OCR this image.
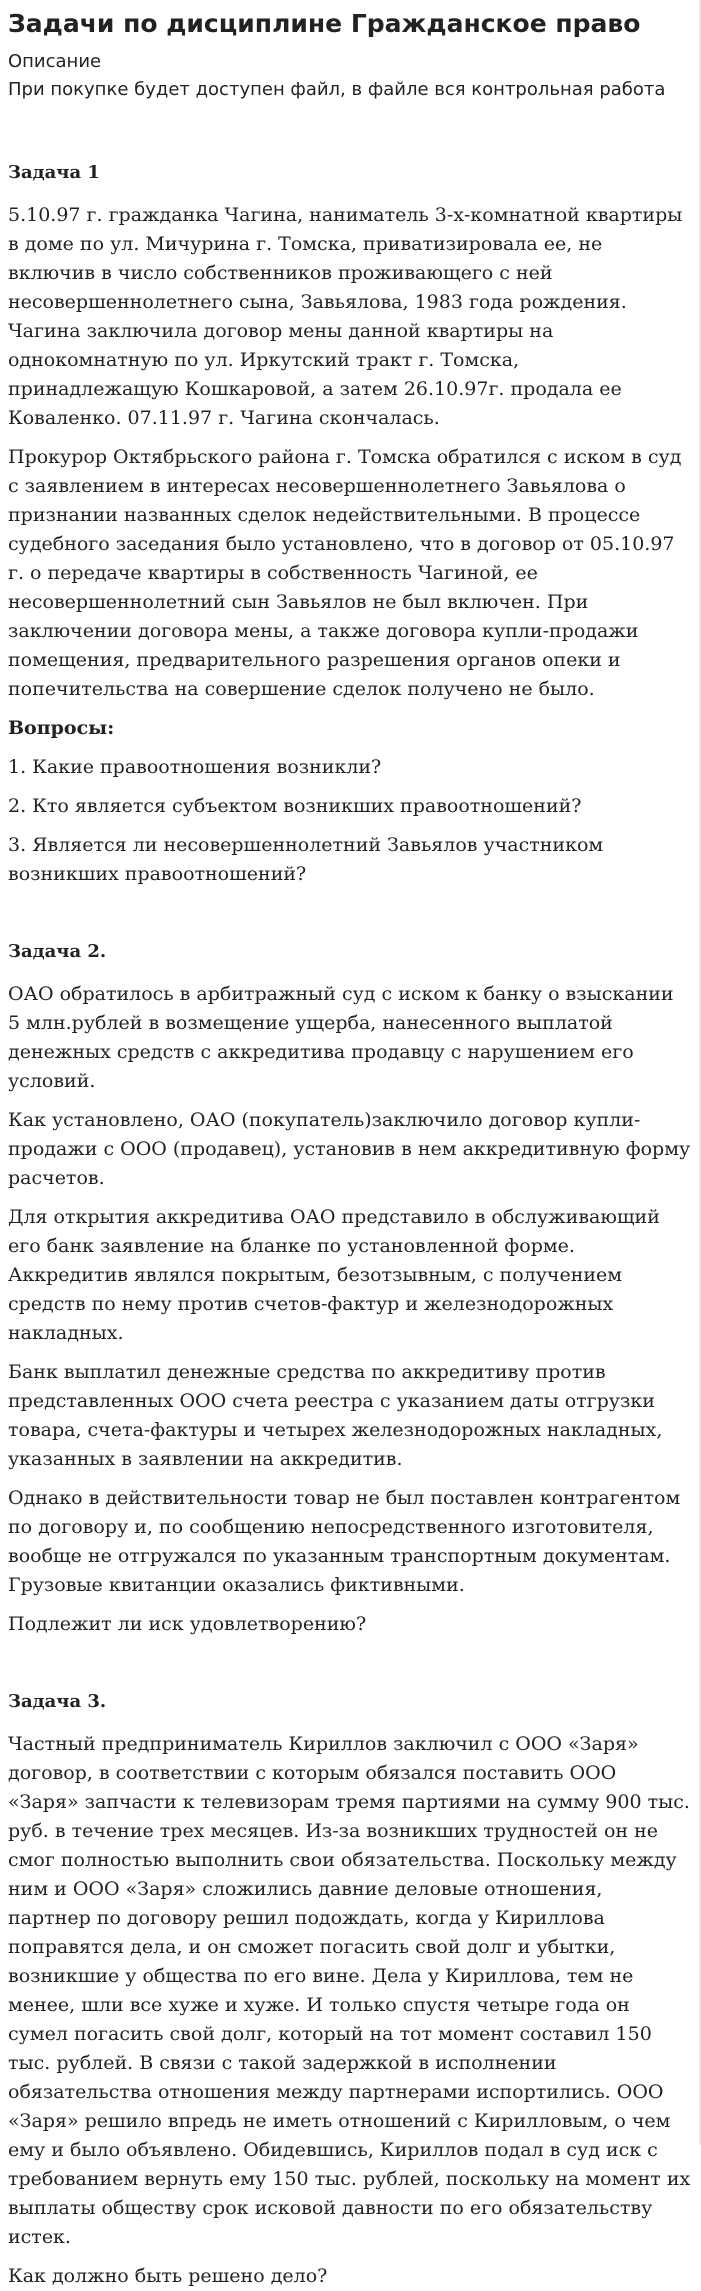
Задачи по дисциплине Гражданское право

Описание

При покупке будет доступен файл, в файле вся контрольная работа

Задача 1

5.10.97 г. гражданка Чагина, наниматель 3-х-комнатной квартиры в доме по ул. Мичурина г. Томска, приватизировала ее, не включив в число собственников проживающего с ней несовершеннолетнего сына, Завьялова, 1983 года рождения. Чагина заключила договор мены данной квартиры на однокомнатную по ул. Иркутский тракт г. Томска, принадлежащую Кошкаровой, а затем 26.10.97г. продала ее Коваленко. 07.11.97 г. Чагина скончалась.

Прокурор Октябрьского района г. Томска обратился с иском в суд с заявлением в интересах несовершеннолетнего Завьялова о признании названных сделок недействительными. В процессе судебного заседания было установлено, что в договор от 05.10.97 г. о передаче квартиры в собственность Чагиной, ее несовершеннолетний сын Завьялов не был включен. При заключении договора мены, а также договора купли-продажи помещения, предварительного разрешения органов опеки и попечительства на совершение сделок получено не было.

Вопросы:

1. Какие правоотношения возникли?

2. Кто является субъектом возникших правоотношений?

3. Является ли несовершеннолетний Завьялов участником возникших правоотношений?

Задача 2.

ОАО обратилось в арбитражный суд с иском к банку о взыскании 5 млн.рублей в возмещение ущерба, нанесенного выплатой денежных средств с аккредитива продавцу с нарушением его условий.

Как установлено, ОАО (покупатель)заключило договор купли-продажи с ООО (продавец), установив в нем аккредитивную форму расчетов.

Для открытия аккредитива ОАО представило в обслуживающий его банк заявление на бланке по установленной форме. Аккредитив являлся покрытым, безотзывным, с получением средств по нему против счетов-фактур и железнодорожных накладных.

Банк выплатил денежные средства по аккредитиву против представленных ООО счета реестра с указанием даты отгрузки товара, счета-фактуры и четырех железнодорожных накладных, указанных в заявлении на аккредитив.

Однако в действительности товар не был поставлен контрагентом по договору и, по сообщению непосредственного изготовителя, вообще не отгружался по указанным транспортным документам. Грузовые квитанции оказались фиктивными.

Подлежит ли иск удовлетворению?

Задача 3.

Частный предприниматель Кириллов заключил с ООО «Заря» договор, в соответствии с которым обязался поставить ООО «Заря» запчасти к телевизорам тремя партиями на сумму 900 тыс. руб. в течение трех месяцев. Из-за возникших трудностей он не смог полностью выполнить свои обязательства. Поскольку между ним и ООО «Заря» сложились давние деловые отношения, партнер по договору решил подождать, когда у Кириллова поправятся дела, и он сможет погасить свой долг и убытки, возникшие у общества по его вине. Дела у Кириллова, тем не менее, шли все хуже и хуже. И только спустя четыре года он сумел погасить свой долг, который на тот момент составил 150 тыс. рублей. В связи с такой задержкой в исполнении обязательства отношения между партнерами испортились. ООО «Заря» решило впредь не иметь отношений с Кирилловым, о чем ему и было объявлено. Обидевшись, Кириллов подал в суд иск с требованием вернуть ему 150 тыс. рублей, поскольку на момент их выплаты обществу срок исковой давности по его обязательству истек.

Как должно быть решено дело?
